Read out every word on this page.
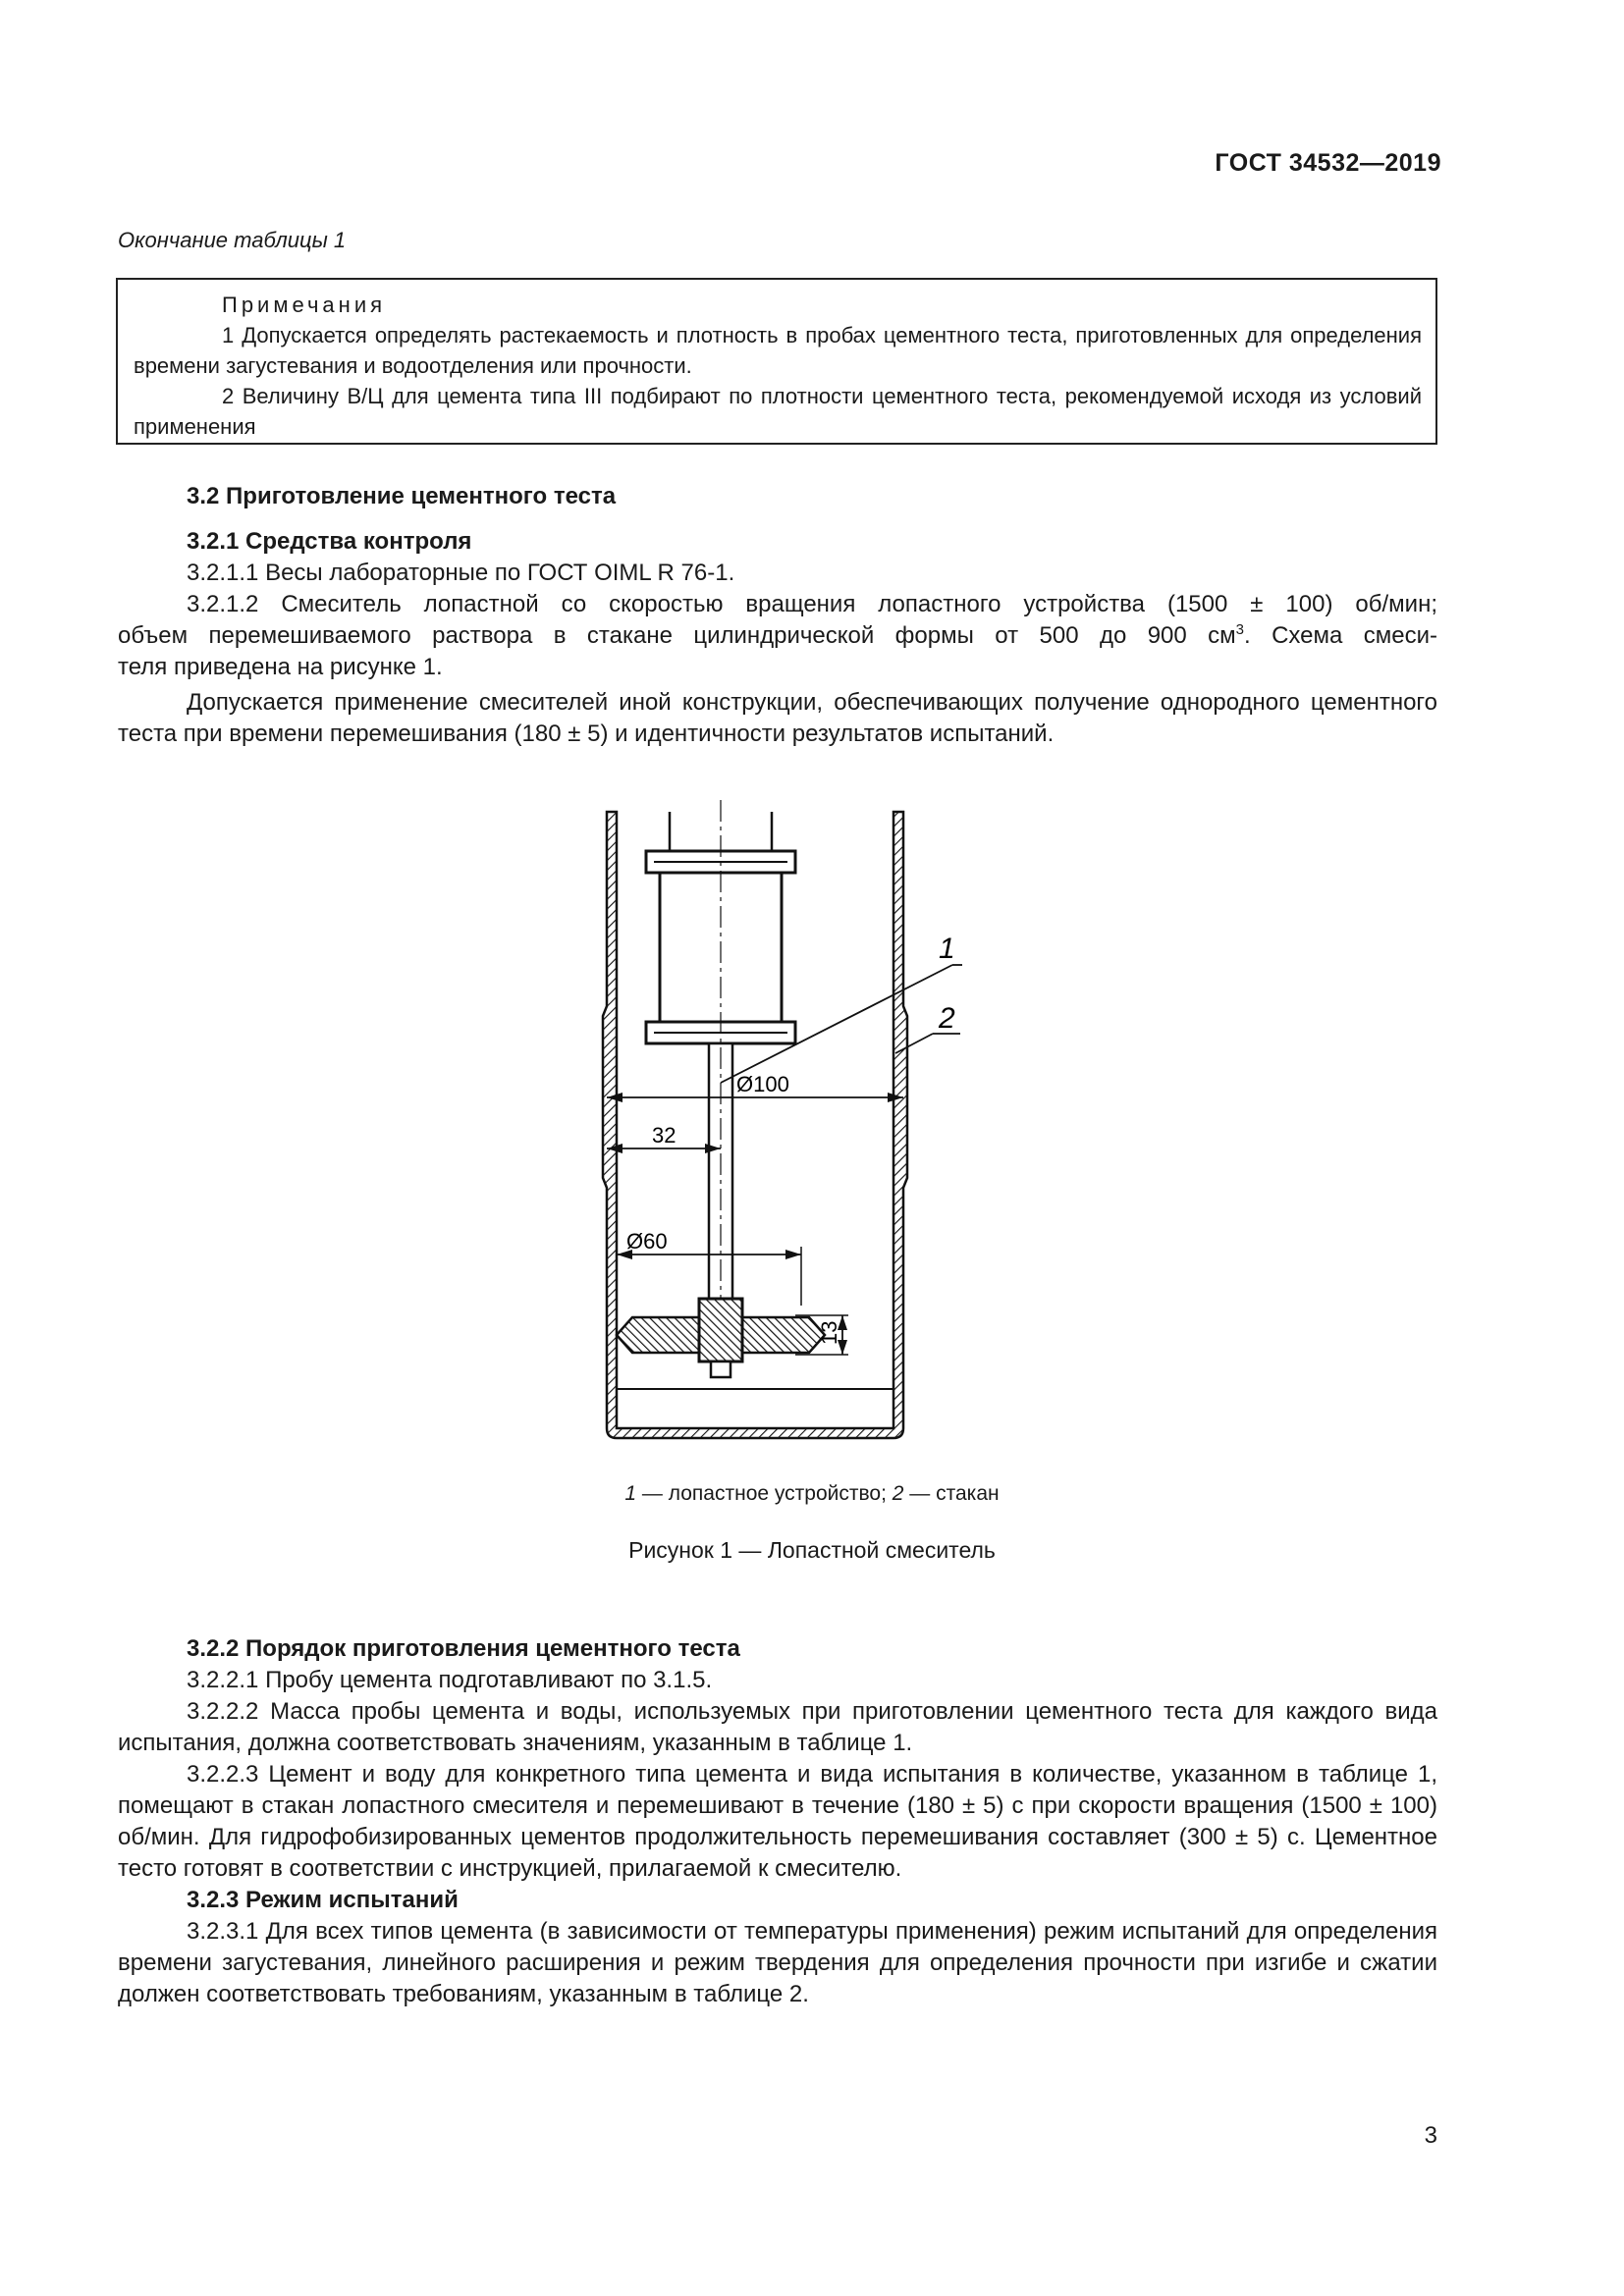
ГОСТ 34532—2019
Окончание таблицы 1
Примечания
1 Допускается определять растекаемость и плотность в пробах цементного теста, приготовленных для определения времени загустевания и водоотделения или прочности.
2 Величину В/Ц для цемента типа III подбирают по плотности цементного теста, рекомендуемой исходя из условий применения
3.2 Приготовление цементного теста
3.2.1 Средства контроля
3.2.1.1 Весы лабораторные по ГОСТ OIML R 76-1.
3.2.1.2 Смеситель лопастной со скоростью вращения лопастного устройства (1500 ± 100) об/мин;
объем перемешиваемого раствора в стакане цилиндрической формы от 500 до 900 $см^3$. Схема смеси-
теля приведена на рисунке 1.
Допускается применение смесителей иной конструкции, обеспечивающих получение однородного цементного теста при времени перемешивания (180 ± 5) и идентичности результатов испытаний.
1
2
Ø100
32
Ø60
13
1 — лопастное устройство; 2 — стакан
Рисунок 1 — Лопастной смеситель
3.2.2 Порядок приготовления цементного теста
3.2.2.1 Пробу цемента подготавливают по 3.1.5.
3.2.2.2 Масса пробы цемента и воды, используемых при приготовлении цементного теста для каждого вида испытания, должна соответствовать значениям, указанным в таблице 1.
3.2.2.3 Цемент и воду для конкретного типа цемента и вида испытания в количестве, указанном в таблице 1, помещают в стакан лопастного смесителя и перемешивают в течение (180 ± 5) с при скорости вращения (1500 ± 100) об/мин. Для гидрофобизированных цементов продолжительность перемешивания составляет (300 ± 5) с. Цементное тесто готовят в соответствии с инструкцией, прилагаемой к смесителю.
3.2.3 Режим испытаний
3.2.3.1 Для всех типов цемента (в зависимости от температуры применения) режим испытаний для определения времени загустевания, линейного расширения и режим твердения для определения прочности при изгибе и сжатии должен соответствовать требованиям, указанным в таблице 2.
3
